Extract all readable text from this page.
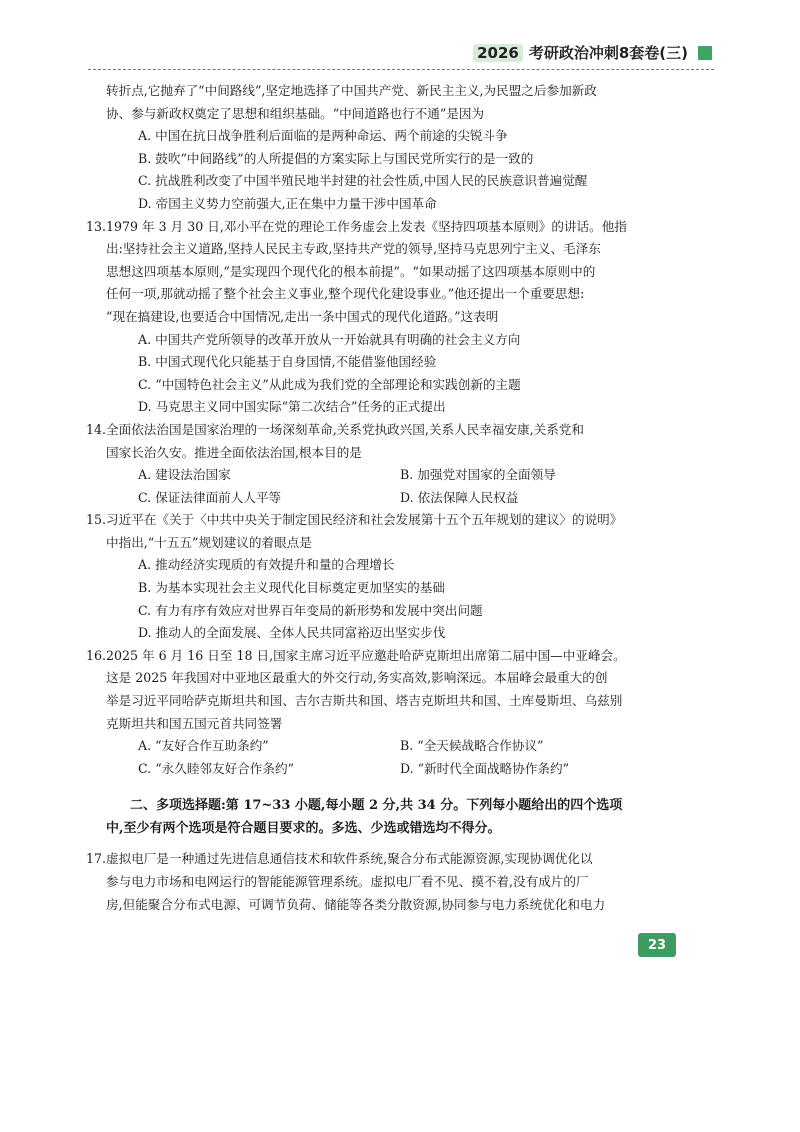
2026 考研政治冲刺8套卷(三)

转折点,它抛弃了“中间路线”,坚定地选择了中国共产党、新民主主义,为民盟之后参加新政

协、参与新政权奠定了思想和组织基础。“中间道路也行不通”是因为

A. 中国在抗日战争胜利后面临的是两种命运、两个前途的尖锐斗争

B. 鼓吹“中间路线”的人所提倡的方案实际上与国民党所实行的是一致的

C. 抗战胜利改变了中国半殖民地半封建的社会性质,中国人民的民族意识普遍觉醒

D. 帝国主义势力空前强大,正在集中力量干涉中国革命

13. 1979 年 3 月 30 日,邓小平在党的理论工作务虚会上发表《坚持四项基本原则》的讲话。他指

出:坚持社会主义道路,坚持人民民主专政,坚持共产党的领导,坚持马克思列宁主义、毛泽东

思想这四项基本原则,“是实现四个现代化的根本前提”。“如果动摇了这四项基本原则中的

任何一项,那就动摇了整个社会主义事业,整个现代化建设事业。”他还提出一个重要思想:

“现在搞建设,也要适合中国情况,走出一条中国式的现代化道路。”这表明

A. 中国共产党所领导的改革开放从一开始就具有明确的社会主义方向

B. 中国式现代化只能基于自身国情,不能借鉴他国经验

C. “中国特色社会主义”从此成为我们党的全部理论和实践创新的主题

D. 马克思主义同中国实际“第二次结合”任务的正式提出

14. 全面依法治国是国家治理的一场深刻革命,关系党执政兴国,关系人民幸福安康,关系党和

国家长治久安。推进全面依法治国,根本目的是

A. 建设法治国家	B. 加强党对国家的全面领导
C. 保证法律面前人人平等	D. 依法保障人民权益

15. 习近平在《关于〈中共中央关于制定国民经济和社会发展第十五个五年规划的建议〉的说明》

中指出,“十五五”规划建议的着眼点是

A. 推动经济实现质的有效提升和量的合理增长

B. 为基本实现社会主义现代化目标奠定更加坚实的基础

C. 有力有序有效应对世界百年变局的新形势和发展中突出问题

D. 推动人的全面发展、全体人民共同富裕迈出坚实步伐

16. 2025 年 6 月 16 日至 18 日,国家主席习近平应邀赴哈萨克斯坦出席第二届中国—中亚峰会。

这是 2025 年我国对中亚地区最重大的外交行动,务实高效,影响深远。本届峰会最重大的创

举是习近平同哈萨克斯坦共和国、吉尔吉斯共和国、塔吉克斯坦共和国、土库曼斯坦、乌兹别

克斯坦共和国五国元首共同签署

A. “友好合作互助条约”	B. “全天候战略合作协议”
C. “永久睦邻友好合作条约”	D. “新时代全面战略协作条约”
二、多项选择题:第 17~33 小题,每小题 2 分,共 34 分。下列每小题给出的四个选项
中,至少有两个选项是符合题目要求的。多选、少选或错选均不得分。

17. 虚拟电厂是一种通过先进信息通信技术和软件系统,聚合分布式能源资源,实现协调优化以

参与电力市场和电网运行的智能能源管理系统。虚拟电厂看不见、摸不着,没有成片的厂

房,但能聚合分布式电源、可调节负荷、储能等各类分散资源,协同参与电力系统优化和电力

23
